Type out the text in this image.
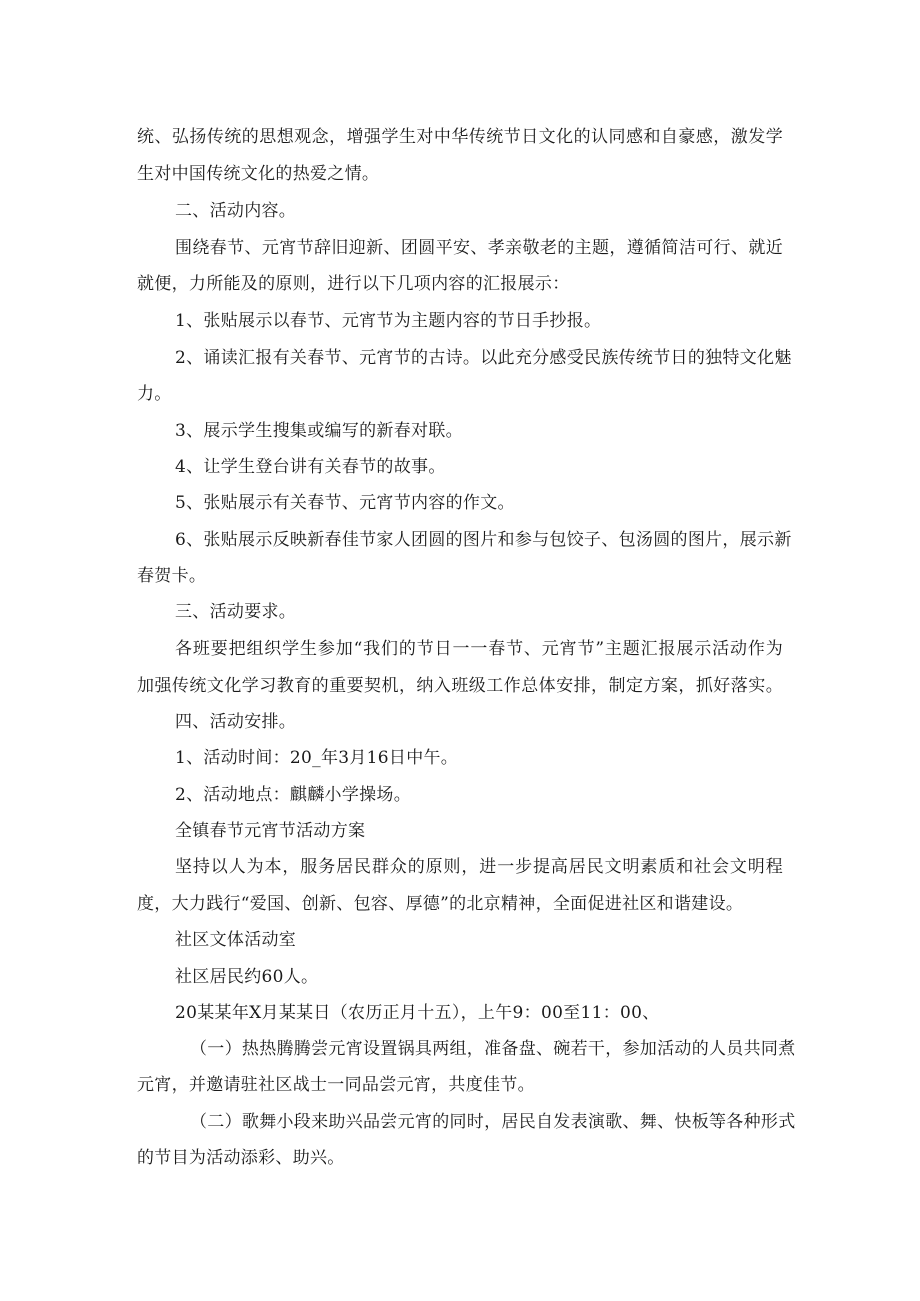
统、弘扬传统的思想观念，增强学生对中华传统节日文化的认同感和自豪感，激发学
生对中国传统文化的热爱之情。
二、活动内容。
围绕春节、元宵节辞旧迎新、团圆平安、孝亲敬老的主题，遵循简洁可行、就近
就便，力所能及的原则，进行以下几项内容的汇报展示：
1、张贴展示以春节、元宵节为主题内容的节日手抄报。
2、诵读汇报有关春节、元宵节的古诗。以此充分感受民族传统节日的独特文化魅
力。
3、展示学生搜集或编写的新春对联。
4、让学生登台讲有关春节的故事。
5、张贴展示有关春节、元宵节内容的作文。
6、张贴展示反映新春佳节家人团圆的图片和参与包饺子、包汤圆的图片，展示新
春贺卡。
三、活动要求。
各班要把组织学生参加“我们的节日一一春节、元宵节”主题汇报展示活动作为
加强传统文化学习教育的重要契机，纳入班级工作总体安排，制定方案，抓好落实。
四、活动安排。
1、活动时间：20_年3月16日中午。
2、活动地点：麒麟小学操场。
全镇春节元宵节活动方案
坚持以人为本，服务居民群众的原则，进一步提高居民文明素质和社会文明程
度，大力践行“爱国、创新、包容、厚德”的北京精神，全面促进社区和谐建设。
社区文体活动室
社区居民约60人。
20某某年X月某某日（农历正月十五），上午9：00至11：00、
（一）热热腾腾尝元宵设置锅具两组，准备盘、碗若干，参加活动的人员共同煮
元宵，并邀请驻社区战士一同品尝元宵，共度佳节。
（二）歌舞小段来助兴品尝元宵的同时，居民自发表演歌、舞、快板等各种形式
的节目为活动添彩、助兴。
